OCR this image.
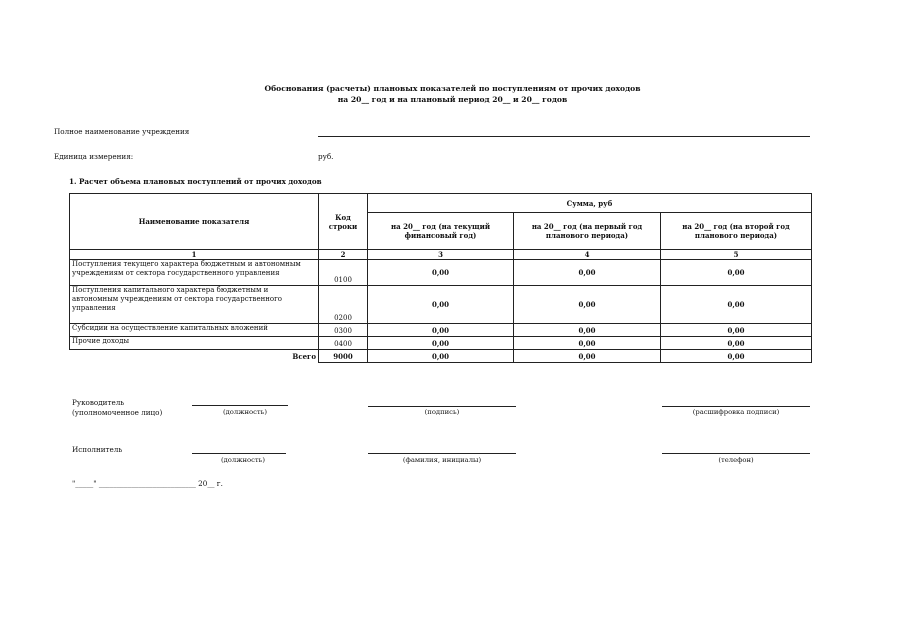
Обоснования (расчеты) плановых показателей по поступлениям от прочих доходов
на 20__ год и на плановый период 20__ и 20__ годов
Полное наименование учреждения
Единица измерения:	руб.
1. Расчет объема плановых поступлений от прочих доходов
Наименование показателя	Код строки	Сумма, руб		
		на 20__ год (на текущий финансовый год)	на 20__ год (на первый год планового периода)	на 20__ год (на второй год планового периода)
1	2	3	4	5
Поступления текущего характера бюджетным и автономным учреждениям от сектора государственного управления	0100	0,00	0,00	0,00
Поступления капитального характера бюджетным и автономным учреждениям от сектора государственного управления	0200	0,00	0,00	0,00
Субсидии на осуществление капитальных вложений	0300	0,00	0,00	0,00
Прочие доходы	0400	0,00	0,00	0,00
Всего	9000	0,00	0,00	0,00
Руководитель
(уполномоченное лицо)	(должность)	(подпись)	(расшифровка подписи)
Исполнитель
(должность)	(фамилия, инициалы)	(телефон)
"_____" ___________________________ 20__ г.
